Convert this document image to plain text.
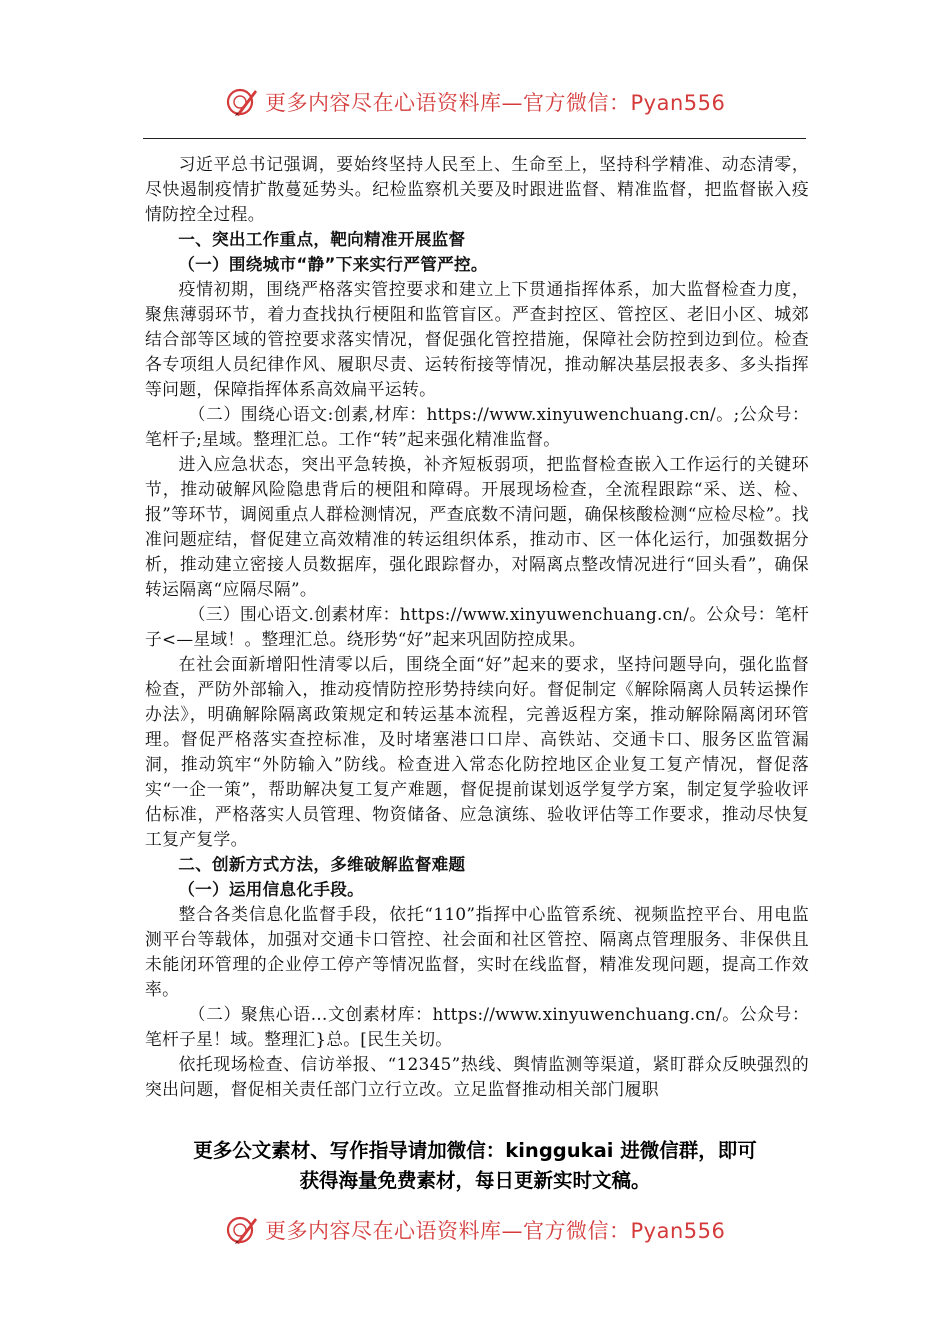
更多内容尽在心语资料库—官方微信：Pyan556

习近平总书记强调，要始终坚持人民至上、生命至上，坚持科学精准、动态清零，尽快遏制疫情扩散蔓延势头。纪检监察机关要及时跟进监督、精准监督，把监督嵌入疫情防控全过程。

一、突出工作重点，靶向精准开展监督

（一）围绕城市“静”下来实行严管严控。

疫情初期，围绕严格落实管控要求和建立上下贯通指挥体系，加大监督检查力度，聚焦薄弱环节，着力查找执行梗阻和监管盲区。严查封控区、管控区、老旧小区、城郊结合部等区域的管控要求落实情况，督促强化管控措施，保障社会防控到边到位。检查各专项组人员纪律作风、履职尽责、运转衔接等情况，推动解决基层报表多、多头指挥等问题，保障指挥体系高效扁平运转。

（二）围绕心语文:创素,材库：https://www.xinyuwenchuang.cn/。;公众号：笔杆子;星域。整理汇总。工作“转”起来强化精准监督。

进入应急状态，突出平急转换，补齐短板弱项，把监督检查嵌入工作运行的关键环节，推动破解风险隐患背后的梗阻和障碍。开展现场检查，全流程跟踪“采、送、检、报”等环节，调阅重点人群检测情况，严查底数不清问题，确保核酸检测“应检尽检”。找准问题症结，督促建立高效精准的转运组织体系，推动市、区一体化运行，加强数据分析，推动建立密接人员数据库，强化跟踪督办，对隔离点整改情况进行“回头看”，确保转运隔离“应隔尽隔”。

（三）围心语文.创素材库：https://www.xinyuwenchuang.cn/。公众号：笔杆子<—星域！。整理汇总。绕形势“好”起来巩固防控成果。

在社会面新增阳性清零以后，围绕全面“好”起来的要求，坚持问题导向，强化监督检查，严防外部输入，推动疫情防控形势持续向好。督促制定《解除隔离人员转运操作办法》，明确解除隔离政策规定和转运基本流程，完善返程方案，推动解除隔离闭环管理。督促严格落实查控标准，及时堵塞港口口岸、高铁站、交通卡口、服务区监管漏洞，推动筑牢“外防输入”防线。检查进入常态化防控地区企业复工复产情况，督促落实“一企一策”，帮助解决复工复产难题，督促提前谋划返学复学方案，制定复学验收评估标准，严格落实人员管理、物资储备、应急演练、验收评估等工作要求，推动尽快复工复产复学。

二、创新方式方法，多维破解监督难题

（一）运用信息化手段。

整合各类信息化监督手段，依托“110”指挥中心监管系统、视频监控平台、用电监测平台等载体，加强对交通卡口管控、社会面和社区管控、隔离点管理服务、非保供且未能闭环管理的企业停工停产等情况监督，实时在线监督，精准发现问题，提高工作效率。

（二）聚焦心语…文创素材库：https://www.xinyuwenchuang.cn/。公众号：笔杆子星！域。整理汇}总。[民生关切。

依托现场检查、信访举报、“12345”热线、舆情监测等渠道，紧盯群众反映强烈的突出问题，督促相关责任部门立行立改。立足监督推动相关部门履职

更多公文素材、写作指导请加微信：kinggukai 进微信群，即可
获得海量免费素材，每日更新实时文稿。
更多内容尽在心语资料库—官方微信：Pyan556
